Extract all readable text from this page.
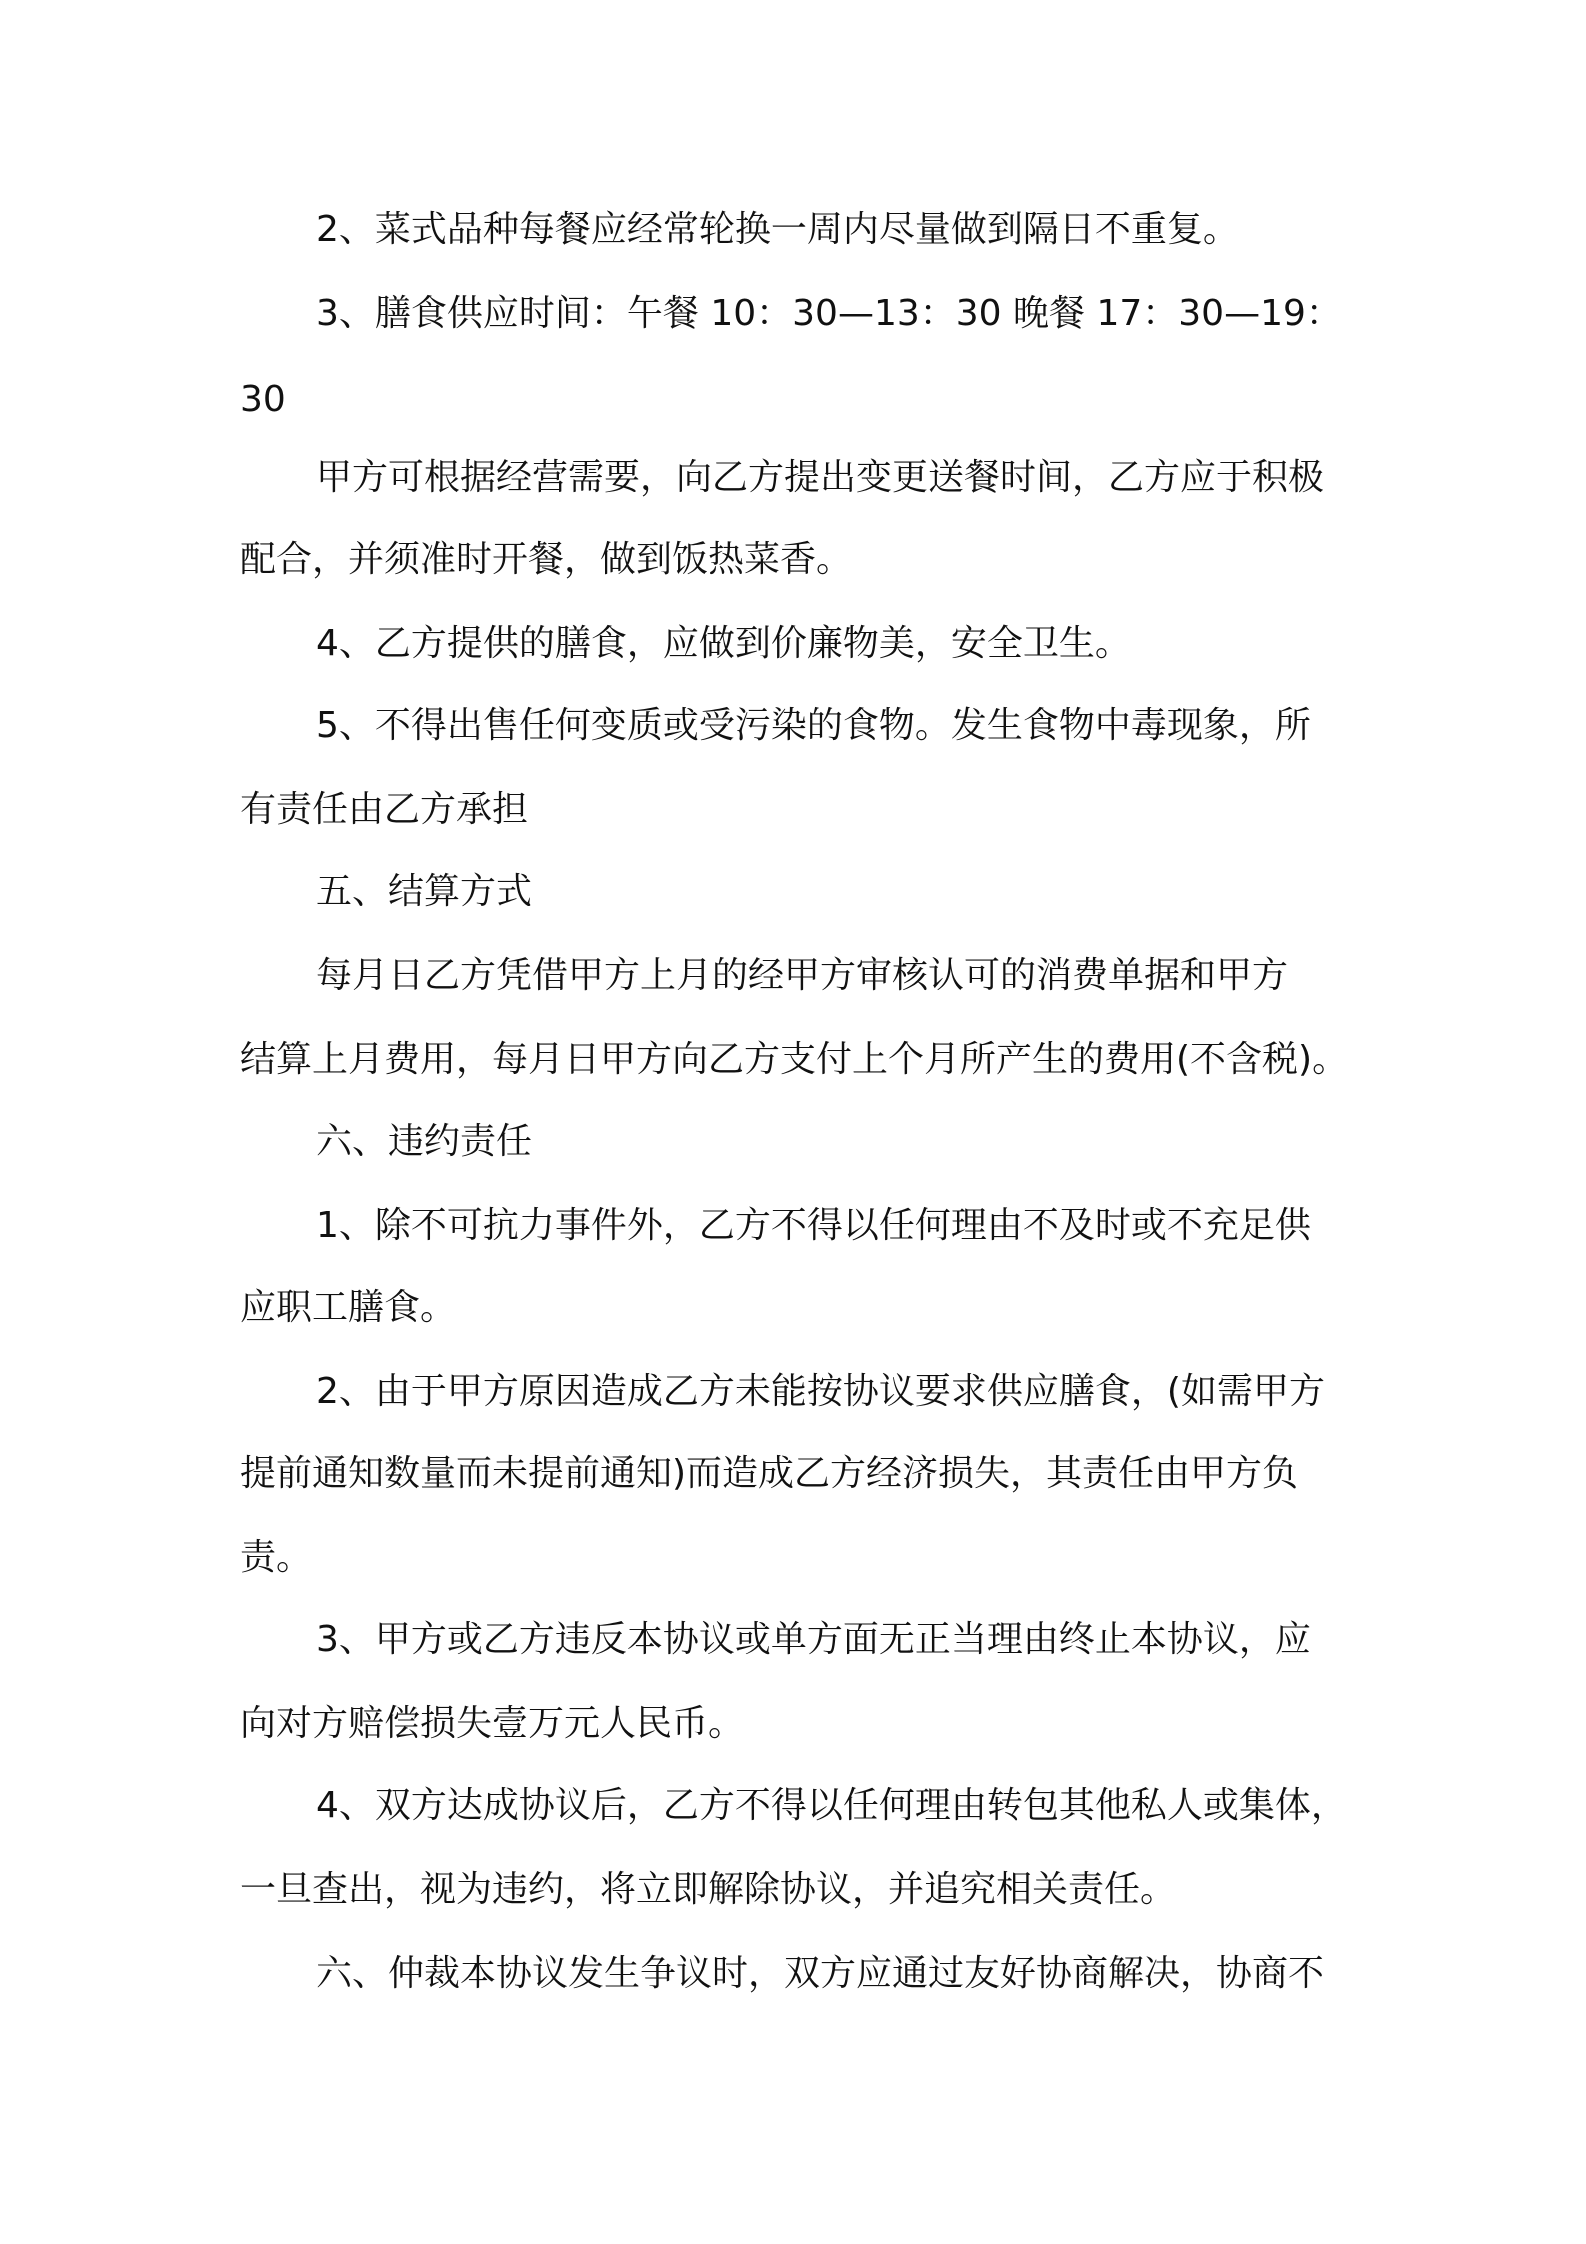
2、菜式品种每餐应经常轮换一周内尽量做到隔日不重复。
3、膳食供应时间：午餐 10：30—13：30 晚餐 17：30—19：
30
甲方可根据经营需要，向乙方提出变更送餐时间，乙方应于积极
配合，并须准时开餐，做到饭热菜香。
4、乙方提供的膳食，应做到价廉物美，安全卫生。
5、不得出售任何变质或受污染的食物。发生食物中毒现象，所
有责任由乙方承担
五、结算方式
每月日乙方凭借甲方上月的经甲方审核认可的消费单据和甲方
结算上月费用，每月日甲方向乙方支付上个月所产生的费用(不含税)。
六、违约责任
1、除不可抗力事件外，乙方不得以任何理由不及时或不充足供
应职工膳食。
2、由于甲方原因造成乙方未能按协议要求供应膳食，(如需甲方
提前通知数量而未提前通知)而造成乙方经济损失，其责任由甲方负
责。
3、甲方或乙方违反本协议或单方面无正当理由终止本协议，应
向对方赔偿损失壹万元人民币。
4、双方达成协议后，乙方不得以任何理由转包其他私人或集体，
一旦查出，视为违约，将立即解除协议，并追究相关责任。
六、仲裁本协议发生争议时，双方应通过友好协商解决，协商不
